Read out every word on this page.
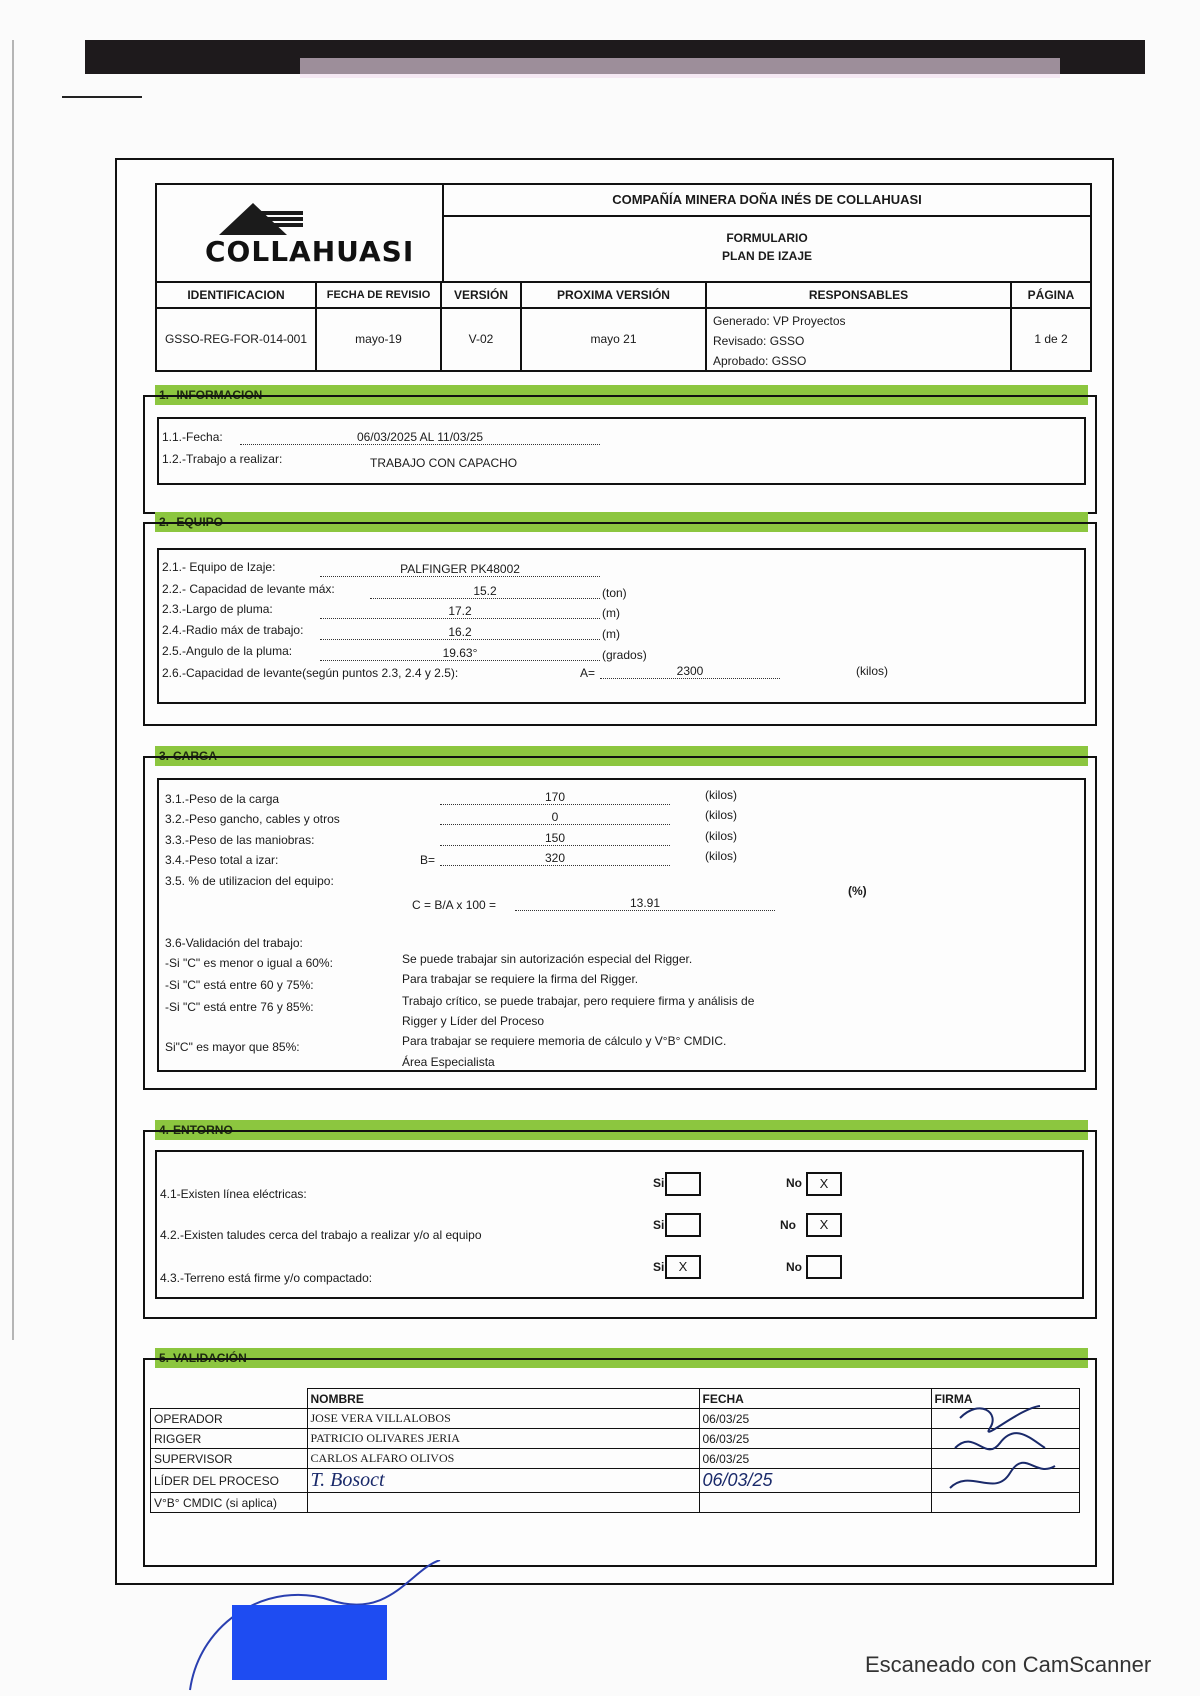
COLLAHUASI
COMPAÑÍA MINERA DOÑA INÉS DE COLLAHUASI
FORMULARIO
PLAN DE IZAJE
IDENTIFICACION	FECHA DE REVISIO	VERSIÓN	PROXIMA VERSIÓN	RESPONSABLES	PÁGINA
GSSO-REG-FOR-014-001	mayo-19	V-02	mayo 21
Generado: VP Proyectos
Revisado: GSSO
Aprobado: GSSO
1 de 2
1.- INFORMACION
1.1.-Fecha:	06/03/2025 AL 11/03/25
1.2.-Trabajo a realizar:	TRABAJO CON CAPACHO
2.- EQUIPO
2.1.- Equipo de Izaje:	PALFINGER PK48002
2.2.- Capacidad de levante máx:	15.2	(ton)
2.3.-Largo de pluma:	17.2	(m)
2.4.-Radio máx de trabajo:	16.2	(m)
2.5.-Angulo de la pluma:	19.63°	(grados)
2.6.-Capacidad de levante(según puntos 2.3, 2.4 y 2.5):	A=	2300	(kilos)
3.-CARGA
3.1.-Peso de la carga	170	(kilos)
3.2.-Peso gancho, cables y otros	0	(kilos)
3.3.-Peso de las maniobras:	150	(kilos)
3.4.-Peso total a izar:	B=	320	(kilos)
3.5. % de utilizacion del equipo:
C = B/A x 100 =	13.91
(%)
3.6-Validación del trabajo:
-Si "C" es menor o igual a 60%:	Se puede trabajar sin autorización especial del Rigger.
-Si "C" está entre 60 y 75%:	Para trabajar se requiere la firma del Rigger.
-Si "C" está entre 76 y 85%:	Trabajo crítico, se puede trabajar, pero requiere firma y análisis de
Rigger y Líder del Proceso
Si"C" es mayor que 85%:	Para trabajar se requiere memoria de cálculo y V°B° CMDIC.
Área Especialista
4.-ENTORNO
4.1-Existen línea eléctricas:
Si	No	X
4.2.-Existen taludes cerca del trabajo a realizar y/o al equipo
Si	No	X
4.3.-Terreno está firme y/o compactado:
Si	X	No
5.-VALIDACIÓN
	NOMBRE	FECHA	FIRMA
OPERADOR	JOSE VERA VILLALOBOS	06/03/25	
RIGGER	PATRICIO OLIVARES JERIA	06/03/25	
SUPERVISOR	CARLOS ALFARO OLIVOS	06/03/25	
LÍDER DEL PROCESO	T. Bosoct	06/03/25	
V°B° CMDIC (si aplica)			
Escaneado con CamScanner
